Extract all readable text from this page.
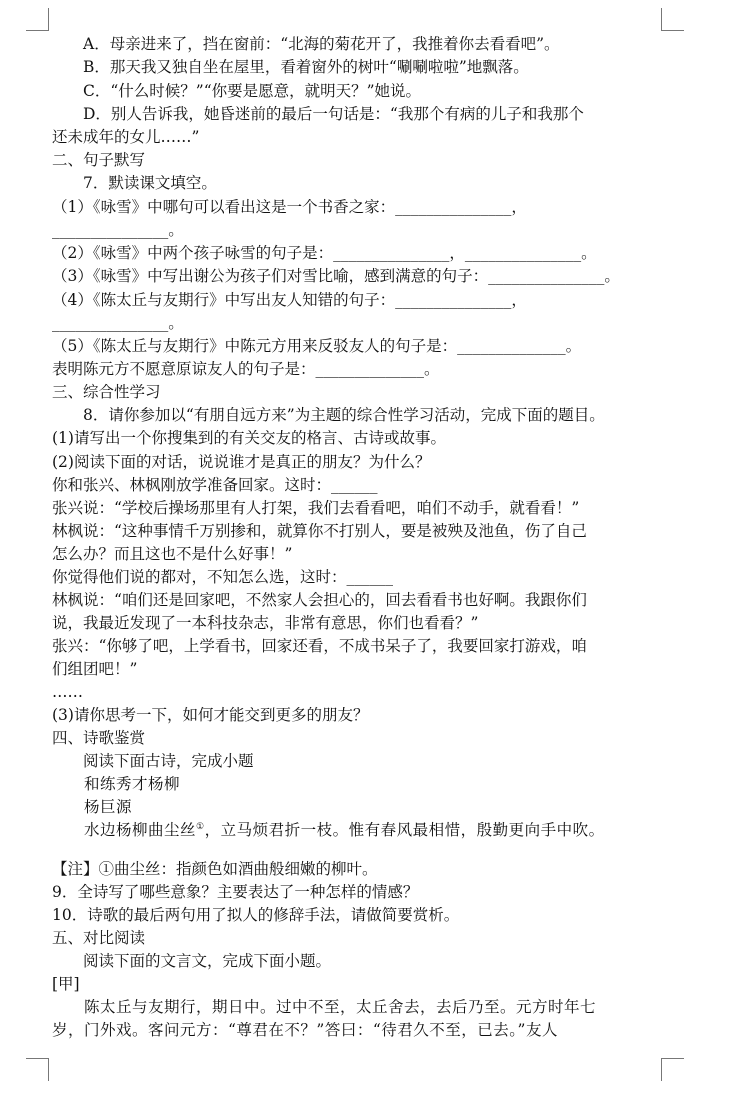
　　A．母亲进来了，挡在窗前：“北海的菊花开了，我推着你去看看吧”。
　　B．那天我又独自坐在屋里，看着窗外的树叶“唰唰啦啦”地飘落。
　　C．“什么时候？”“你要是愿意，就明天？”她说。
　　D．别人告诉我，她昏迷前的最后一句话是：“我那个有病的儿子和我那个
还未成年的女儿……”
二、句子默写
　　7．默读课文填空。
（1）《咏雪》中哪句可以看出这是一个书香之家：_______________，
_______________。
（2）《咏雪》中两个孩子咏雪的句子是：_______________，_______________。
（3）《咏雪》中写出谢公为孩子们对雪比喻，感到满意的句子：_______________。
（4）《陈太丘与友期行》中写出友人知错的句子：_______________，
_______________。
（5）《陈太丘与友期行》中陈元方用来反驳友人的句子是：______________。
表明陈元方不愿意原谅友人的句子是：______________。
三、综合性学习
　　8．请你参加以“有朋自远方来”为主题的综合性学习活动，完成下面的题目。
(1)请写出一个你搜集到的有关交友的格言、古诗或故事。
(2)阅读下面的对话，说说谁才是真正的朋友？为什么？
你和张兴、林枫刚放学准备回家。这时：______
张兴说：“学校后操场那里有人打架，我们去看看吧，咱们不动手，就看看！”
林枫说：“这种事情千万别掺和，就算你不打别人，要是被殃及池鱼，伤了自己
怎么办？而且这也不是什么好事！”
你觉得他们说的都对，不知怎么选，这时：______
林枫说：“咱们还是回家吧，不然家人会担心的，回去看看书也好啊。我跟你们
说，我最近发现了一本科技杂志，非常有意思，你们也看看？”
张兴：“你够了吧，上学看书，回家还看，不成书呆子了，我要回家打游戏，咱
们组团吧！”
……
(3)请你思考一下，如何才能交到更多的朋友？
四、诗歌鉴赏
　　阅读下面古诗，完成小题
　　和练秀才杨柳
　　杨巨源
　　水边杨柳曲尘丝①，立马烦君折一枝。惟有春风最相惜，殷勤更向手中吹。
【注】①曲尘丝：指颜色如酒曲般细嫩的柳叶。
9．全诗写了哪些意象？主要表达了一种怎样的情感？
10．诗歌的最后两句用了拟人的修辞手法，请做简要赏析。
五、对比阅读
　　阅读下面的文言文，完成下面小题。
[甲]
　　陈太丘与友期行，期日中。过中不至，太丘舍去，去后乃至。元方时年七
岁，门外戏。客问元方：“尊君在不？”答曰：“待君久不至，已去。”友人
